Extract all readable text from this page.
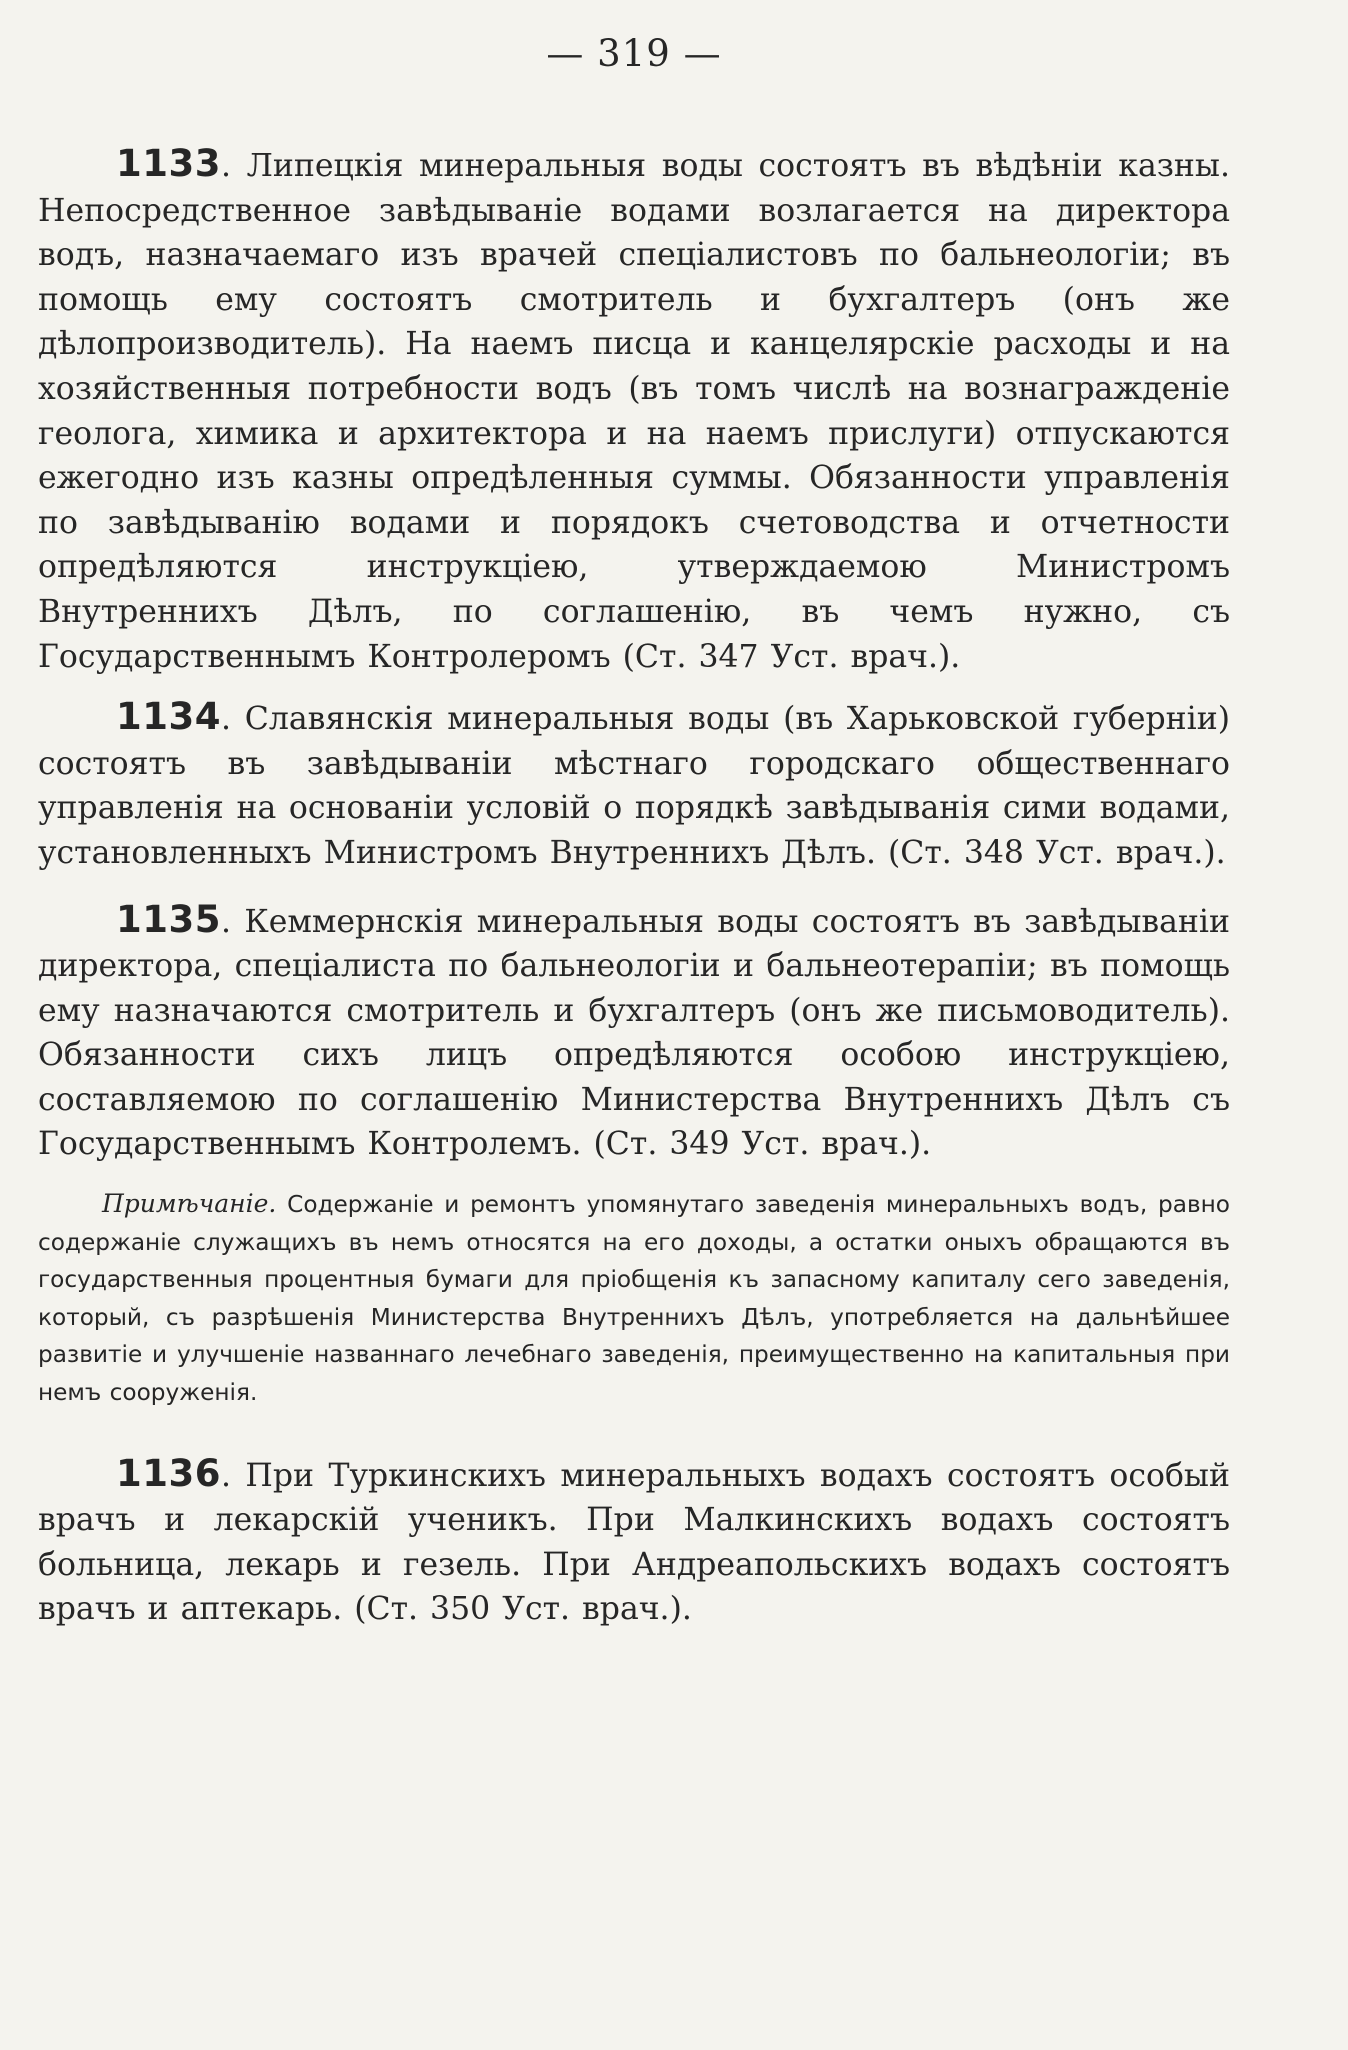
— 319 —

1133. Липецкія минеральныя воды состоятъ въ вѣдѣніи казны. Непосредственное завѣдываніе водами возлагается на директора водъ, назначаемаго изъ врачей спеціалистовъ по бальнеологіи; въ помощь ему состоятъ смотритель и бухгалтеръ (онъ же дѣлопроизводитель). На наемъ писца и канцелярскіе расходы и на хозяйственныя потребности водъ (въ томъ числѣ на вознагражденіе геолога, химика и архитектора и на наемъ прислуги) отпускаются ежегодно изъ казны опредѣленныя суммы. Обязанности управленія по завѣдыванію водами и порядокъ счетоводства и отчетности опредѣляются инструкціею, утверждаемою Министромъ Внутреннихъ Дѣлъ, по соглашенію, въ чемъ нужно, съ Государственнымъ Контролеромъ (Ст. 347 Уст. врач.).

1134. Славянскія минеральныя воды (въ Харьковской губерніи) состоятъ въ завѣдываніи мѣстнаго городскаго общественнаго управленія на основаніи условій о порядкѣ завѣдыванія сими водами, установленныхъ Министромъ Внутреннихъ Дѣлъ. (Ст. 348 Уст. врач.).

1135. Кеммернскія минеральныя воды состоятъ въ завѣдываніи директора, спеціалиста по бальнеологіи и бальнеотерапіи; въ помощь ему назначаются смотритель и бухгалтеръ (онъ же письмоводитель). Обязанности сихъ лицъ опредѣляются особою инструкціею, составляемою по соглашенію Министерства Внутреннихъ Дѣлъ съ Государственнымъ Контролемъ. (Ст. 349 Уст. врач.).

Примѣчаніе. Содержаніе и ремонтъ упомянутаго заведенія минеральныхъ водъ, равно содержаніе служащихъ въ немъ относятся на его доходы, а остатки оныхъ обращаются въ государственныя процентныя бумаги для пріобщенія къ запасному капиталу сего заведенія, который, съ разрѣшенія Министерства Внутреннихъ Дѣлъ, употребляется на дальнѣйшее развитіе и улучшеніе названнаго лечебнаго заведенія, преимущественно на капитальныя при немъ сооруженія.

1136. При Туркинскихъ минеральныхъ водахъ состоятъ особый врачъ и лекарскій ученикъ. При Малкинскихъ водахъ состоятъ больница, лекарь и гезель. При Андреапольскихъ водахъ состоятъ врачъ и аптекарь. (Ст. 350 Уст. врач.).
